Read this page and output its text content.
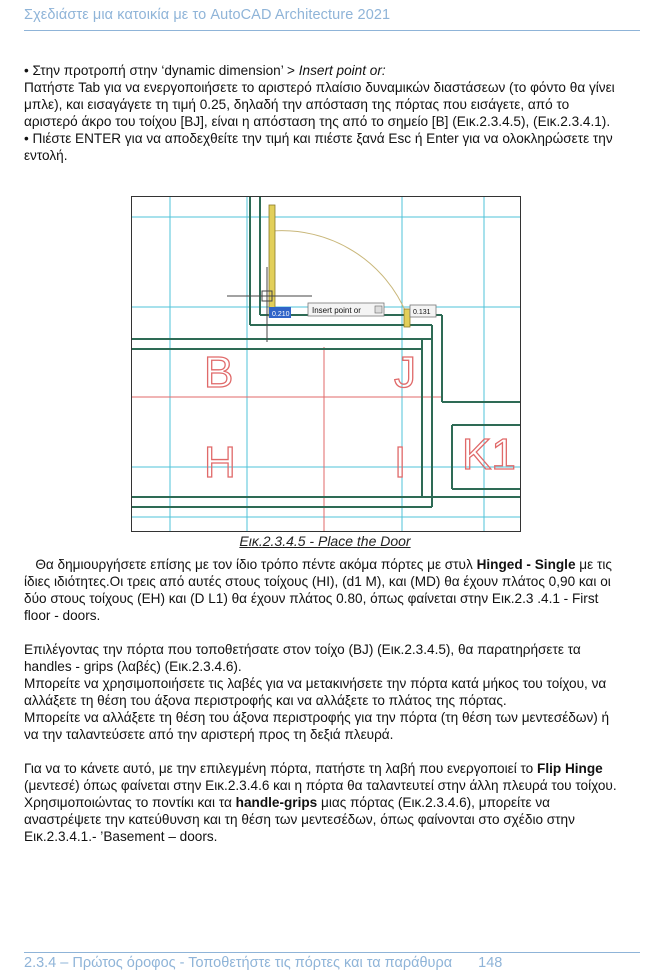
Σχεδιάστε μια κατοικία με το AutoCAD Architecture 2021

• Στην προτροπή στην ‘dynamic dimension’ > Insert point or:

Πατήστε Tab για να ενεργοποιήσετε το αριστερό πλαίσιο δυναμικών διαστάσεων (το φόντο θα γίνει μπλε), και εισαγάγετε τη τιμή 0.25, δηλαδή την απόσταση της πόρτας που εισάγετε, από το αριστερό άκρο του τοίχου [BJ], είναι η απόσταση της από το σημείο [B] (Εικ.2.3.4.5), (Εικ.2.3.4.1).

• Πιέστε ENTER για να αποδεχθείτε την τιμή και πιέστε ξανά Esc ή Enter για να ολοκληρώσετε την εντολή.

0.210	Insert point or	0.131
B	J
H	I K1
Εικ.2.3.4.5 - Place the Door

Θα δημιουργήσετε επίσης με τον ίδιο τρόπο πέντε ακόμα πόρτες με στυλ Hinged - Single με τις ίδιες ιδιότητες.Οι τρεις από αυτές στους τοίχους (HI), (d1 M), και (MD) θα έχουν πλάτος 0,90 και οι δύο στους τοίχους (EH) και (D L1) θα έχουν πλάτος 0.80, όπως φαίνεται στην Εικ.2.3 .4.1 - First floor - doors.

Επιλέγοντας την πόρτα που τοποθετήσατε στον τοίχο (BJ) (Εικ.2.3.4.5), θα παρατηρήσετε τα handles - grips (λαβές) (Εικ.2.3.4.6).

Μπορείτε να χρησιμοποιήσετε τις λαβές για να μετακινήσετε την πόρτα κατά μήκος του τοίχου, να αλλάξετε τη θέση του άξονα περιστροφής και να αλλάξετε το πλάτος της πόρτας.

Μπορείτε να αλλάξετε τη θέση του άξονα περιστροφής για την πόρτα (τη θέση των μεντεσέδων) ή να την ταλαντεύσετε από την αριστερή προς τη δεξιά πλευρά.

Για να το κάνετε αυτό, με την επιλεγμένη πόρτα, πατήστε τη λαβή που ενεργοποιεί το Flip Hinge (μεντεσέ) όπως φαίνεται στην Εικ.2.3.4.6 και η πόρτα θα ταλαντευτεί στην άλλη πλευρά του τοίχου.

Χρησιμοποιώντας το ποντίκι και τα handle-grips μιας πόρτας (Εικ.2.3.4.6), μπορείτε να αναστρέψετε την κατεύθυνση και τη θέση των μεντεσέδων, όπως φαίνονται στο σχέδιο στην Εικ.2.3.4.1.- ’Basement – doors.

2.3.4 – Πρώτος όροφος - Τοποθετήστε τις πόρτες και τα παράθυρα 148
